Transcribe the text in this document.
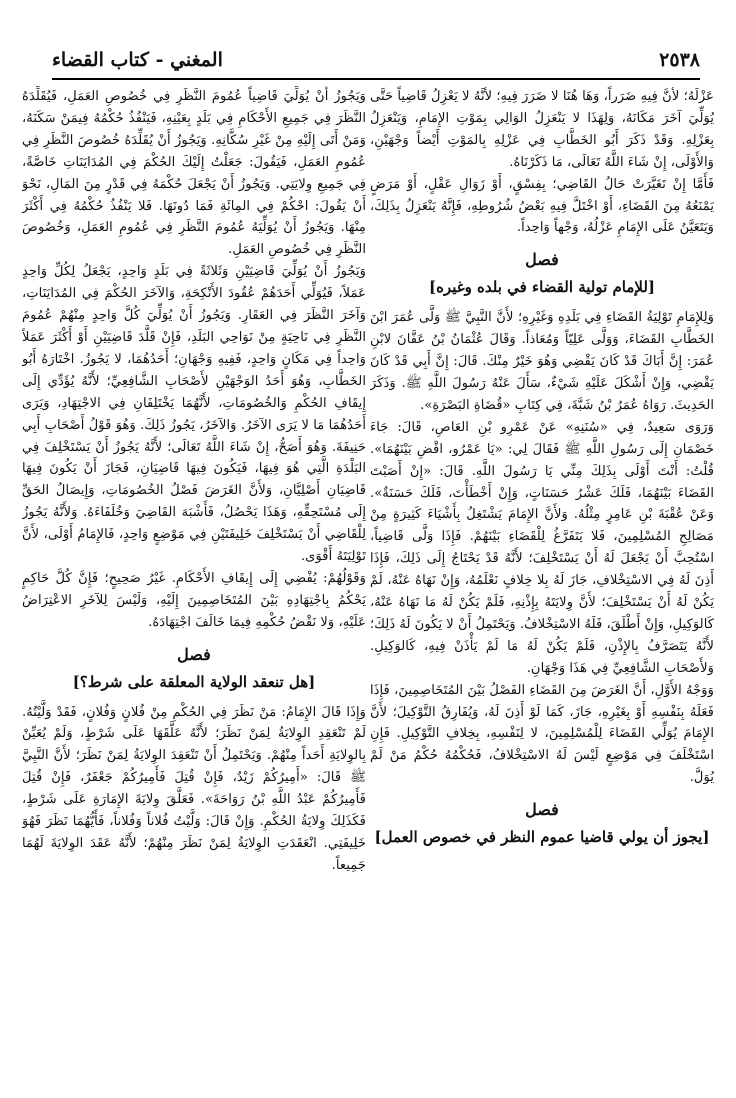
٢٥٣٨
المغني - كتاب القضاء

عَزْلَهُ؛ لأنَّ فِيهِ ضَرَراً، وَهَا هُنَا لا ضَرَرَ فِيهِ؛ لأنَّهُ لا يَعْزِلُ قَاضِياً حَتَّى يُوَلِّيَ آخَرَ مَكَانَهُ، وَلِهَذَا لا يَنْعَزِلُ الوَالِي بِمَوْتِ الإِمَامِ، وَيَنْعَزِلُ بِعَزْلِهِ. وَقَدْ ذَكَرَ أَبُو الخَطَّابِ فِي عَزْلِهِ بِالمَوْتِ أَيْضاً وَجْهَيْنِ، وَالأَوْلَى، إِنْ شَاءَ اللَّهُ تَعَالَى، مَا ذَكَرْنَاهُ.

فَأَمَّا إِنْ تَغَيَّرَتْ حَالُ القَاضِي؛ بِفِسْقٍ، أَوْ زَوَالِ عَقْلٍ، أَوْ مَرَضٍ يَمْنَعُهُ مِنَ القَضَاءِ، أَوْ اخْتَلَّ فِيهِ بَعْضُ شُرُوطِهِ، فَإِنَّهُ يَنْعَزِلُ بِذَلِكَ، وَيَتَعَيَّنُ عَلَى الإِمَامِ عَزْلُهُ، وَجْهاً وَاحِداً.

فصل
[للإمام تولية القضاء في بلده وغيره]

وَلِلإِمَامِ تَوْلِيَةُ القَضَاءِ فِي بَلَدِهِ وَغَيْرِهِ؛ لأَنَّ النَّبِيَّ ﷺ وَلَّى عُمَرَ ابْنَ الخَطَّابِ القَضَاءَ، وَوَلَّى عَلِيّاً وَمُعَاذاً. وَقَالَ عُثْمَانُ بْنُ عَفَّانَ لابْنِ عُمَرَ: إِنَّ أَبَاكَ قَدْ كَانَ يَقْضِي وَهُوَ خَيْرٌ مِنْكَ. قَالَ: إِنَّ أَبِي قَدْ كَانَ يَقْضِي، وَإِنْ أَشْكَلَ عَلَيْهِ شَيْءٌ، سَأَلَ عَنْهُ رَسُولَ اللَّهِ ﷺ. وَذَكَرَ الحَدِيثَ. رَوَاهُ عُمَرُ بْنُ شَبَّةَ، فِي كِتَابِ «قُضَاةِ البَصْرَةِ».

وَرَوَى سَعِيدٌ، فِي «سُنَنِهِ» عَنْ عَمْرِو بْنِ العَاصِ، قَالَ: جَاءَ خَصْمَانِ إِلَى رَسُولِ اللَّهِ ﷺ فَقَالَ لِي: «يَا عَمْرُو، اقْضِ بَيْنَهُمَا». قُلْتُ: أَنْتَ أَوْلَى بِذَلِكَ مِنِّي يَا رَسُولَ اللَّهِ. قَالَ: «إِنْ أَصَبْتَ القَضَاءَ بَيْنَهُمَا، فَلَكَ عَشْرُ حَسَنَاتٍ، وَإِنْ أَخْطَأْتَ، فَلَكَ حَسَنَةٌ». وَعَنْ عُقْبَةَ بْنِ عَامِرٍ مِثْلُهُ. وَلأَنَّ الإِمَامَ يَشْتَغِلُ بِأَشْيَاءَ كَثِيرَةٍ مِنْ مَصَالِحِ المُسْلِمِينَ، فَلا يَتَفَرَّغُ لِلْقَضَاءِ بَيْنَهُمْ. فَإِذَا وَلَّى قَاضِياً، اسْتُحِبَّ أَنْ يَجْعَلَ لَهُ أَنْ يَسْتَخْلِفَ؛ لأَنَّهُ قَدْ يَحْتَاجُ إِلَى ذَلِكَ، فَإِذَا أَذِنَ لَهُ فِي الاسْتِخْلافِ، جَازَ لَهُ بِلا خِلافٍ نَعْلَمُهُ، وَإِنْ نَهَاهُ عَنْهُ، لَمْ يَكُنْ لَهُ أَنْ يَسْتَخْلِفَ؛ لأَنَّ وِلايَتَهُ بِإِذْنِهِ، فَلَمْ يَكُنْ لَهُ مَا نَهَاهُ عَنْهُ، كَالوَكِيلِ، وَإِنْ أَطْلَقَ، فَلَهُ الاسْتِخْلافُ. وَيَحْتَمِلُ أَنْ لا يَكُونَ لَهُ ذَلِكَ؛ لأَنَّهُ يَتَصَرَّفُ بِالإِذْنِ، فَلَمْ يَكُنْ لَهُ مَا لَمْ يَأْذَنْ فِيهِ، كَالوَكِيلِ. وَلأَصْحَابِ الشَّافِعِيِّ فِي هَذَا وَجْهَانِ.

وَوَجْهُ الأَوَّلِ، أَنَّ الغَرَضَ مِنَ القَضَاءِ الفَصْلُ بَيْنَ المُتَخَاصِمِينَ، فَإِذَا فَعَلَهُ بِنَفْسِهِ أَوْ بِغَيْرِهِ، جَازَ، كَمَا لَوْ أَذِنَ لَهُ، وَيُفَارِقُ التَّوْكِيلَ؛ لأَنَّ الإِمَامَ يُوَلِّي القَضَاءَ لِلْمُسْلِمِينَ، لا لِنَفْسِهِ، بِخِلافِ التَّوْكِيلِ. فَإِنِ اسْتَخْلَفَ فِي مَوْضِعٍ لَيْسَ لَهُ الاسْتِخْلافُ، فَحُكْمُهُ حُكْمُ مَنْ لَمْ يُوَلَّ.

فصل
[يجوز أن يولي قاضيا عموم النظر في خصوص العمل]

وَيَجُوزُ أَنْ يُوَلِّيَ قَاضِياً عُمُومَ النَّظَرِ فِي خُصُوصِ العَمَلِ، فَيُقَلِّدَهُ النَّظَرَ فِي جَمِيعِ الأَحْكَامِ فِي بَلَدٍ بِعَيْنِهِ، فَيَنْفُذُ حُكْمُهُ فِيمَنْ سَكَنَهُ، وَمَنْ أَتَى إِلَيْهِ مِنْ غَيْرِ سُكَّانِهِ. وَيَجُوزُ أَنْ يُقَلِّدَهُ خُصُوصَ النَّظَرِ فِي عُمُومِ العَمَلِ، فَيَقُولَ: جَعَلْتُ إِلَيْكَ الحُكْمَ فِي المُدَايَنَاتِ خَاصَّةً، فِي جَمِيعِ وِلايَتِي. وَيَجُوزُ أَنْ يَجْعَلَ حُكْمَهُ فِي قَدْرٍ مِنَ المَالِ، نَحْوَ أَنْ يَقُولَ: احْكُمْ فِي المِائَةِ فَمَا دُونَهَا. فَلا يَنْفُذُ حُكْمُهُ فِي أَكْثَرَ مِنْهَا. وَيَجُوزُ أَنْ يُوَلِّيَهُ عُمُومَ النَّظَرِ فِي عُمُومِ العَمَلِ، وَخُصُوصَ النَّظَرِ فِي خُصُوصِ العَمَلِ.

وَيَجُوزُ أَنْ يُوَلِّيَ قَاضِيَيْنِ وَثَلاثَةً فِي بَلَدٍ وَاحِدٍ، يَجْعَلُ لِكُلِّ وَاحِدٍ عَمَلاً، فَيُوَلِّي أَحَدَهُمْ عُقُودَ الأَنْكِحَةِ، وَالآخَرَ الحُكْمَ فِي المُدَايَنَاتِ، وَآخَرَ النَّظَرَ فِي العَقَارِ. وَيَجُوزُ أَنْ يُوَلِّيَ كُلَّ وَاحِدٍ مِنْهُمْ عُمُومَ النَّظَرِ فِي نَاحِيَةٍ مِنْ نَوَاحِي البَلَدِ، فَإِنْ قَلَّدَ قَاضِيَيْنِ أَوْ أَكْثَرَ عَمَلاً وَاحِداً فِي مَكَانٍ وَاحِدٍ، فَفِيهِ وَجْهَانِ؛ أَحَدُهُمَا، لا يَجُوزُ. اخْتَارَهُ أَبُو الخَطَّابِ، وَهُوَ أَحَدُ الوَجْهَيْنِ لأَصْحَابِ الشَّافِعِيِّ؛ لأَنَّهُ يُؤَدِّي إِلَى إِيقَافِ الحُكْمِ وَالخُصُومَاتِ، لأَنَّهُمَا يَخْتَلِفَانِ فِي الاجْتِهَادِ، وَيَرَى أَحَدُهُمَا مَا لا يَرَى الآخَرُ. وَالآخَرُ، يَجُوزُ ذَلِكَ. وَهُوَ قَوْلُ أَصْحَابِ أَبِي حَنِيفَةَ. وَهُوَ أَصَحُّ، إِنْ شَاءَ اللَّهُ تَعَالَى؛ لأَنَّهُ يَجُوزُ أَنْ يَسْتَخْلِفَ فِي البَلْدَةِ الَّتِي هُوَ فِيهَا، فَيَكُونَ فِيهَا قَاضِيَانِ، فَجَازَ أَنْ يَكُونَ فِيهَا قَاضِيَانِ أَصْلِيَّانِ، وَلأَنَّ الغَرَضَ فَصْلُ الخُصُومَاتِ، وَإِيصَالُ الحَقِّ إِلَى مُسْتَحِقِّهِ، وَهَذَا يَحْصُلُ، فَأَشْبَهَ القَاضِيَ وَخُلَفَاءَهُ. وَلأَنَّهُ يَجُوزُ لِلْقَاضِي أَنْ يَسْتَخْلِفَ خَلِيفَتَيْنِ فِي مَوْضِعٍ وَاحِدٍ، فَالإِمَامُ أَوْلَى، لأَنَّ تَوْلِيَتَهُ أَقْوَى.

وَقَوْلُهُمْ: يُفْضِي إِلَى إِيقَافِ الأَحْكَامِ. غَيْرُ صَحِيحٍ؛ فَإِنَّ كُلَّ حَاكِمٍ يَحْكُمُ بِاجْتِهَادِهِ بَيْنَ المُتَخَاصِمِينَ إِلَيْهِ، وَلَيْسَ لِلآخَرِ الاعْتِرَاضُ عَلَيْهِ، وَلا نَقْضُ حُكْمِهِ فِيمَا خَالَفَ اجْتِهَادَهُ.

فصل
[هل تنعقد الولاية المعلقة على شرط؟]

وَإِذَا قَالَ الإِمَامُ: مَنْ نَظَرَ فِي الحُكْمِ مِنْ فُلانٍ وَفُلانٍ، فَقَدْ وَلَّيْتُهُ. لَمْ تَنْعَقِدِ الوِلايَةُ لِمَنْ نَظَرَ؛ لأَنَّهُ عَلَّقَهَا عَلَى شَرْطٍ، وَلَمْ يُعَيِّنْ بِالوِلايَةِ أَحَداً مِنْهُمْ. وَيَحْتَمِلُ أَنْ تَنْعَقِدَ الوِلايَةُ لِمَنْ نَظَرَ؛ لأَنَّ النَّبِيَّ ﷺ قَالَ: «أَمِيرُكُمْ زَيْدٌ، فَإِنْ قُتِلَ فَأَمِيرُكُمْ جَعْفَرٌ، فَإِنْ قُتِلَ فَأَمِيرُكُمْ عَبْدُ اللَّهِ بْنُ رَوَاحَةَ». فَعَلَّقَ وِلايَةَ الإِمَارَةِ عَلَى شَرْطٍ، فَكَذَلِكَ وِلايَةُ الحُكْمِ. وَإِنْ قَالَ: وَلَّيْتُ فُلاناً وَفُلاناً، فَأَيُّهُمَا نَظَرَ فَهُوَ خَلِيفَتِي. انْعَقَدَتِ الوِلايَةُ لِمَنْ نَظَرَ مِنْهُمْ؛ لأَنَّهُ عَقَدَ الوِلايَةَ لَهُمَا جَمِيعاً.
